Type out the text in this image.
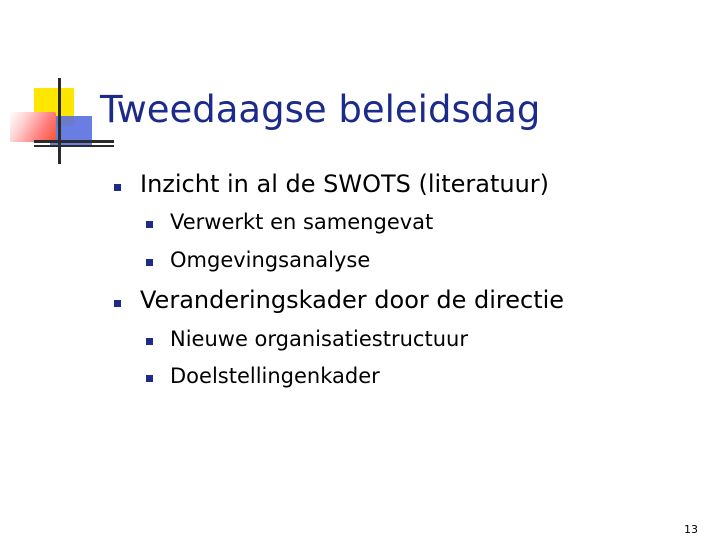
Tweedaagse beleidsdag
Inzicht in al de SWOTS (literatuur)
Verwerkt en samengevat
Omgevingsanalyse
Veranderingskader door de directie
Nieuwe organisatiestructuur
Doelstellingenkader
13
